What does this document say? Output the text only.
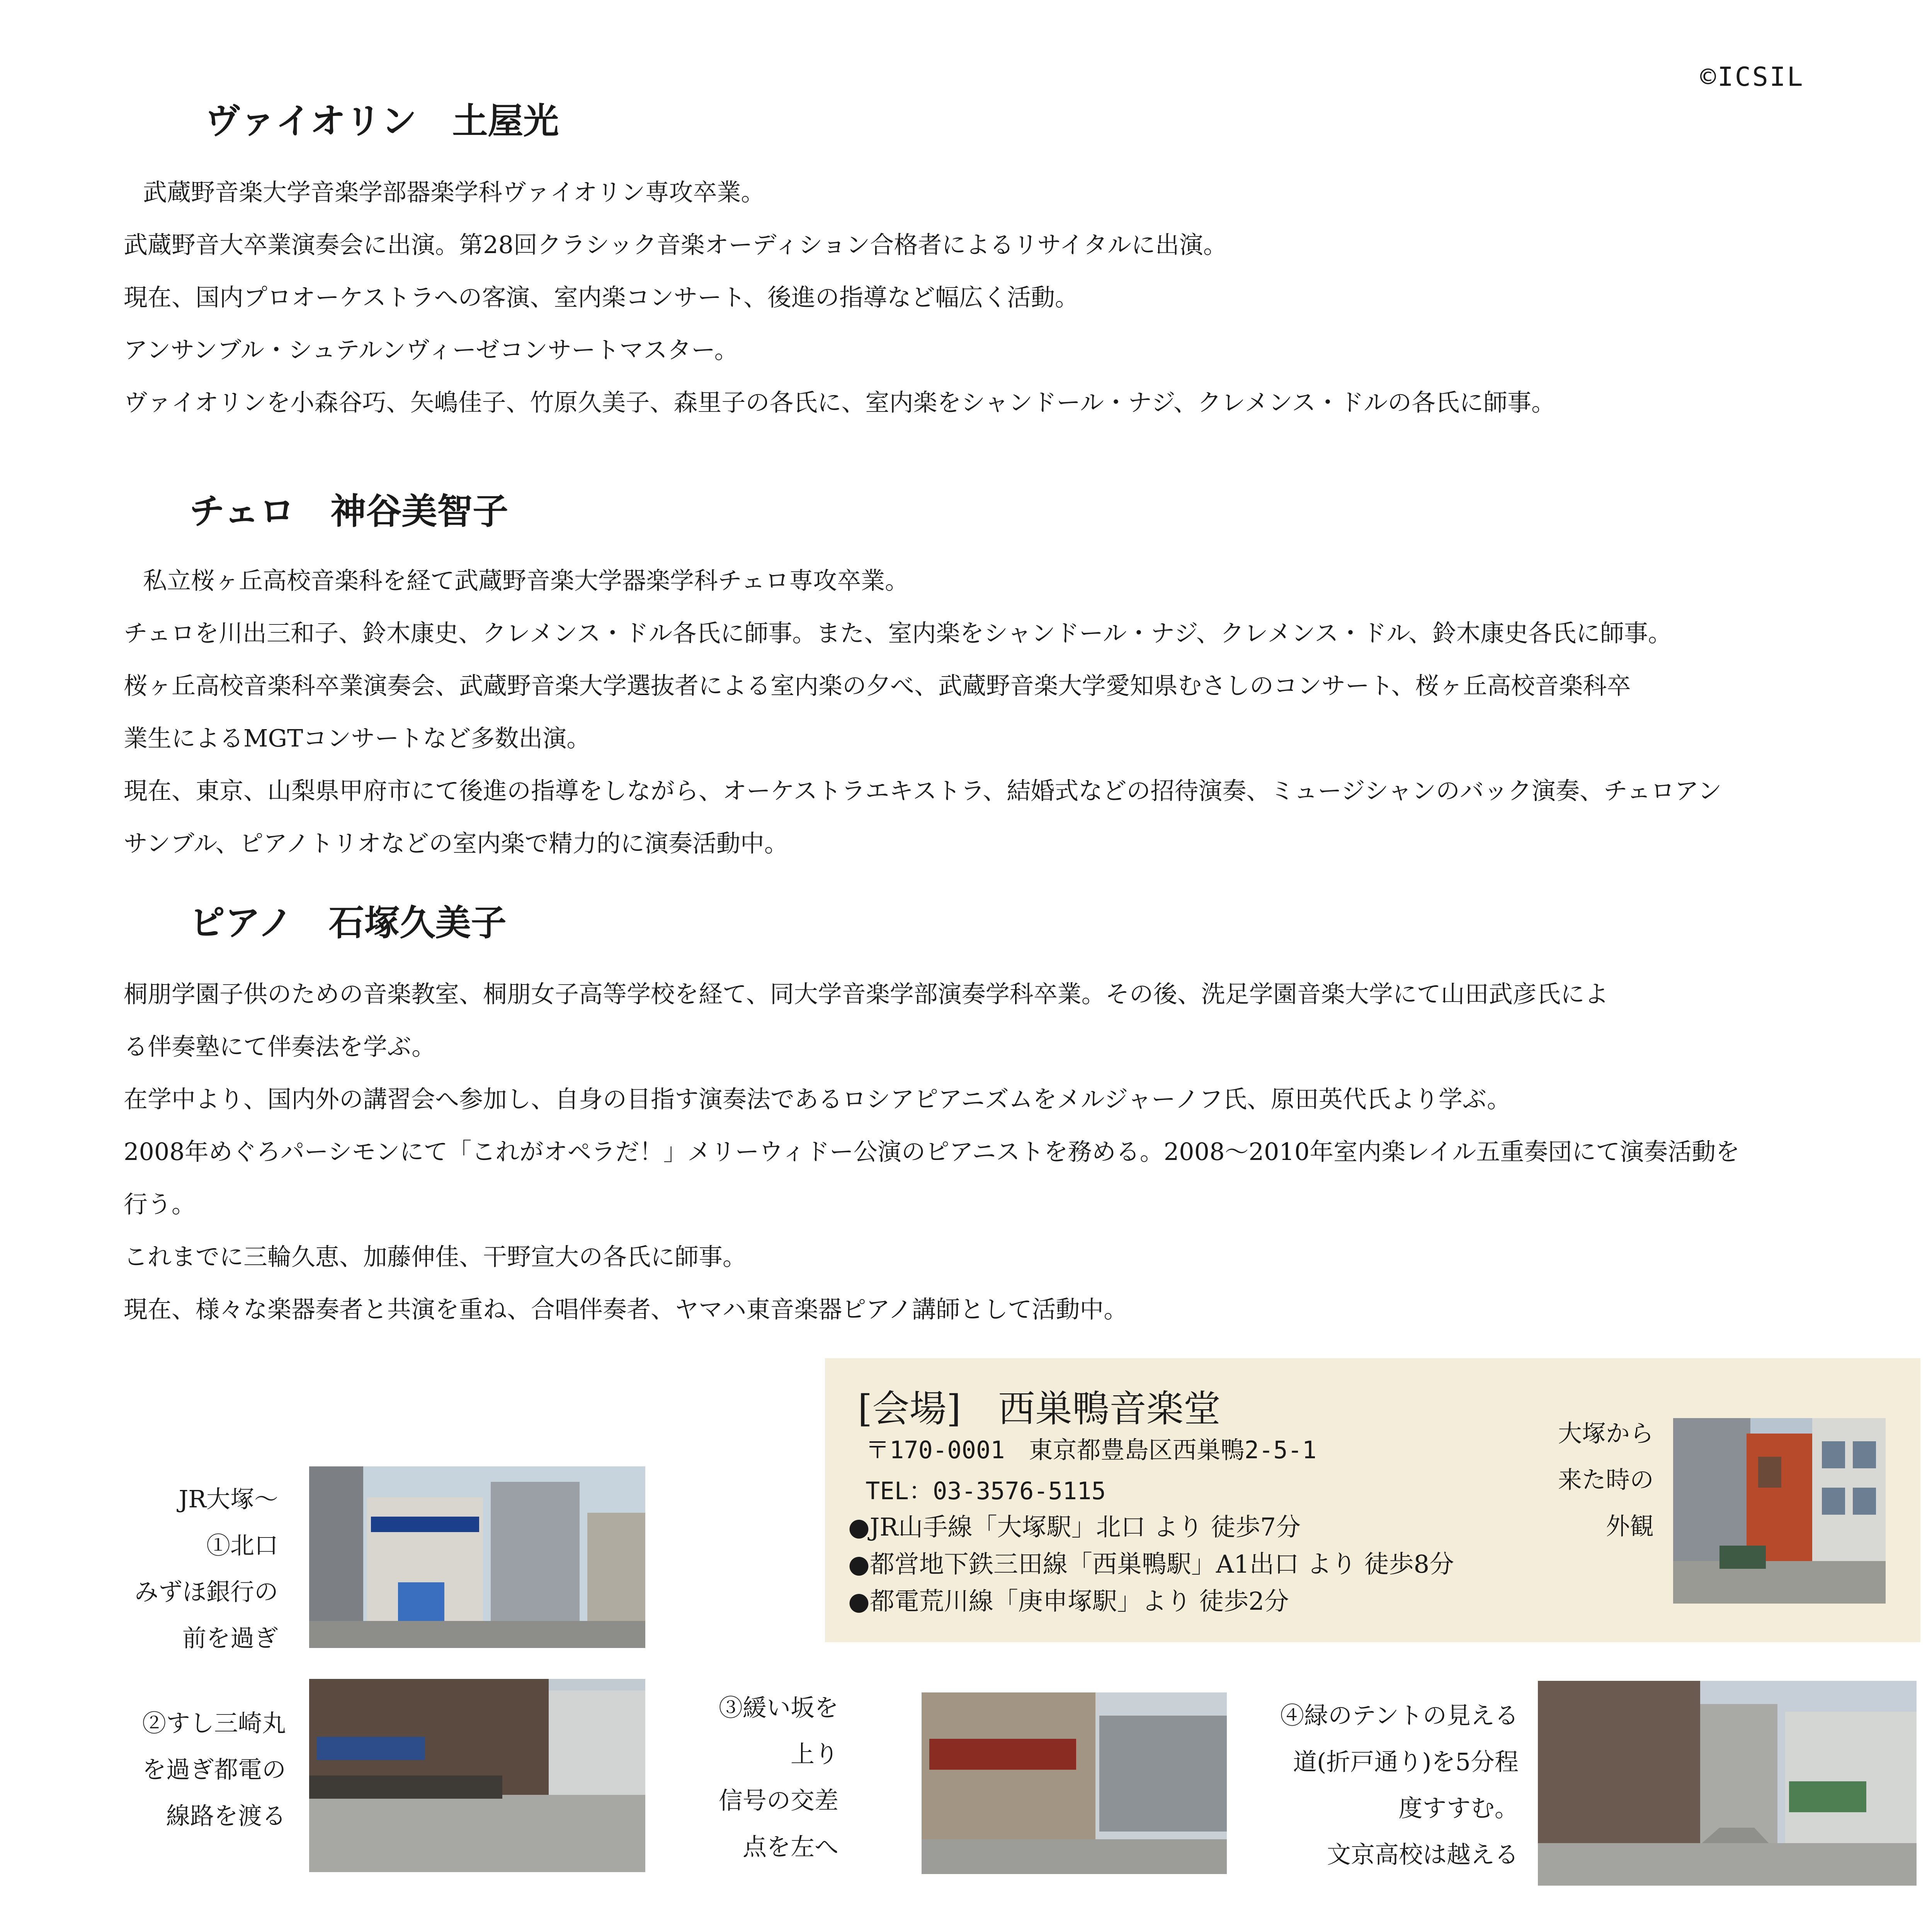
©ICSIL
ヴァイオリン　土屋光

武蔵野音楽大学音楽学部器楽学科ヴァイオリン専攻卒業。

武蔵野音大卒業演奏会に出演。第28回クラシック音楽オーディション合格者によるリサイタルに出演。

現在、国内プロオーケストラへの客演、室内楽コンサート、後進の指導など幅広く活動。

アンサンブル・シュテルンヴィーゼコンサートマスター。

ヴァイオリンを小森谷巧、矢嶋佳子、竹原久美子、森里子の各氏に、室内楽をシャンドール・ナジ、クレメンス・ドルの各氏に師事。

チェロ　神谷美智子

私立桜ヶ丘高校音楽科を経て武蔵野音楽大学器楽学科チェロ専攻卒業。

チェロを川出三和子、鈴木康史、クレメンス・ドル各氏に師事。また、室内楽をシャンドール・ナジ、クレメンス・ドル、鈴木康史各氏に師事。

桜ヶ丘高校音楽科卒業演奏会、武蔵野音楽大学選抜者による室内楽の夕べ、武蔵野音楽大学愛知県むさしのコンサート、桜ヶ丘高校音楽科卒

業生によるMGTコンサートなど多数出演。

現在、東京、山梨県甲府市にて後進の指導をしながら、オーケストラエキストラ、結婚式などの招待演奏、ミュージシャンのバック演奏、チェロアン

サンブル、ピアノトリオなどの室内楽で精力的に演奏活動中。

ピアノ　石塚久美子

桐朋学園子供のための音楽教室、桐朋女子高等学校を経て、同大学音楽学部演奏学科卒業。その後、洗足学園音楽大学にて山田武彦氏によ

る伴奏塾にて伴奏法を学ぶ。

在学中より、国内外の講習会へ参加し、自身の目指す演奏法であるロシアピアニズムをメルジャーノフ氏、原田英代氏より学ぶ。

2008年めぐろパーシモンにて「これがオペラだ！」メリーウィドー公演のピアニストを務める。2008～2010年室内楽レイル五重奏団にて演奏活動を

行う。

これまでに三輪久恵、加藤伸佳、干野宣大の各氏に師事。

現在、様々な楽器奏者と共演を重ね、合唱伴奏者、ヤマハ東音楽器ピアノ講師として活動中。

[会場]　西巣鴨音楽堂
〒170-0001　東京都豊島区西巣鴨2-5-1
TEL：03-3576-5115

●JR山手線「大塚駅」北口 より 徒歩7分

●都営地下鉄三田線「西巣鴨駅」A1出口 より 徒歩8分

●都電荒川線「庚申塚駅」より 徒歩2分

大塚から

来た時の

外観

JR大塚～

①北口

みずほ銀行の

前を過ぎ

②すし三崎丸

を過ぎ都電の

線路を渡る

③緩い坂を

上り

信号の交差

点を左へ

④緑のテントの見える

道(折戸通り)を5分程

度すすむ。

文京高校は越える
